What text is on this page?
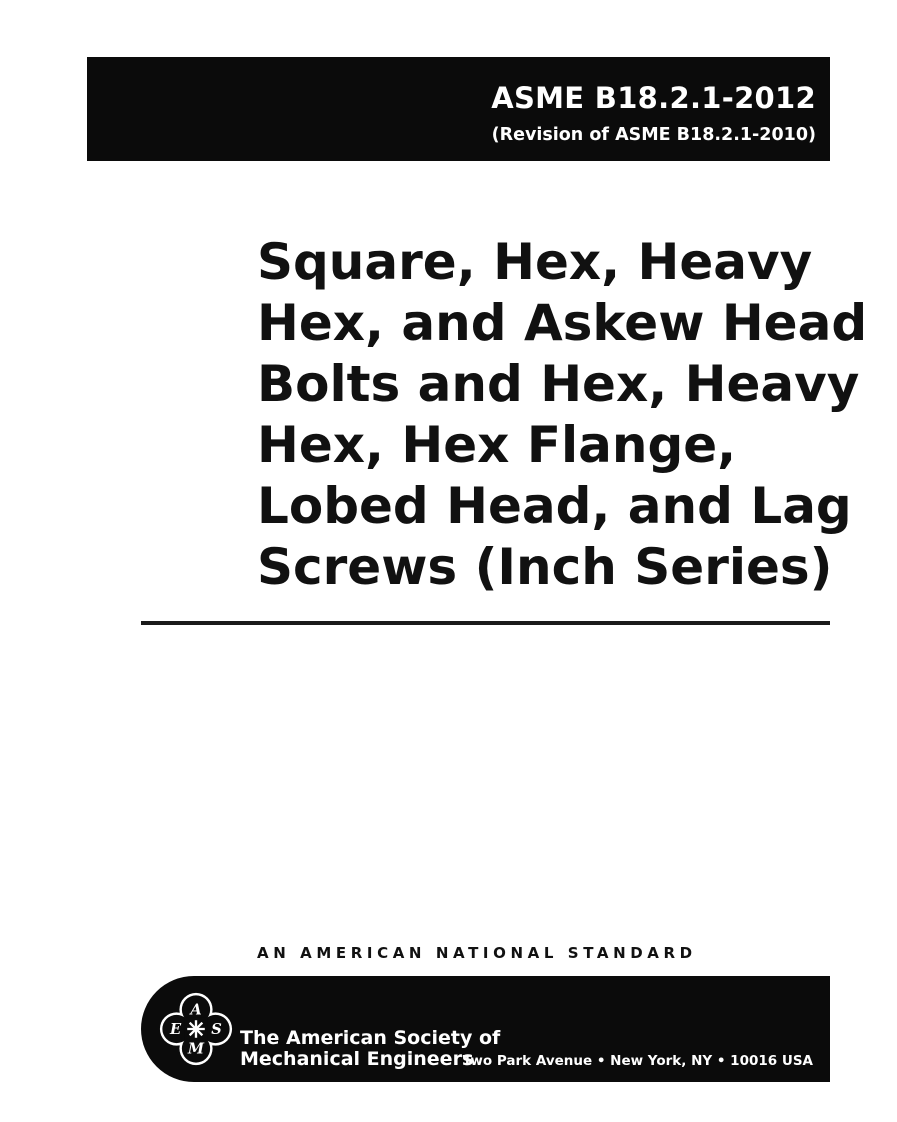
ASME B18.2.1-2012
(Revision of ASME B18.2.1-2010)
Square, Hex, Heavy
Hex, and Askew Head
Bolts and Hex, Heavy
Hex, Hex Flange,
Lobed Head, and Lag
Screws (Inch Series)
AN AMERICAN NATIONAL STANDARD
A
S
M
E	The American Society of
Mechanical Engineers
Two Park Avenue • New York, NY • 10016 USA
